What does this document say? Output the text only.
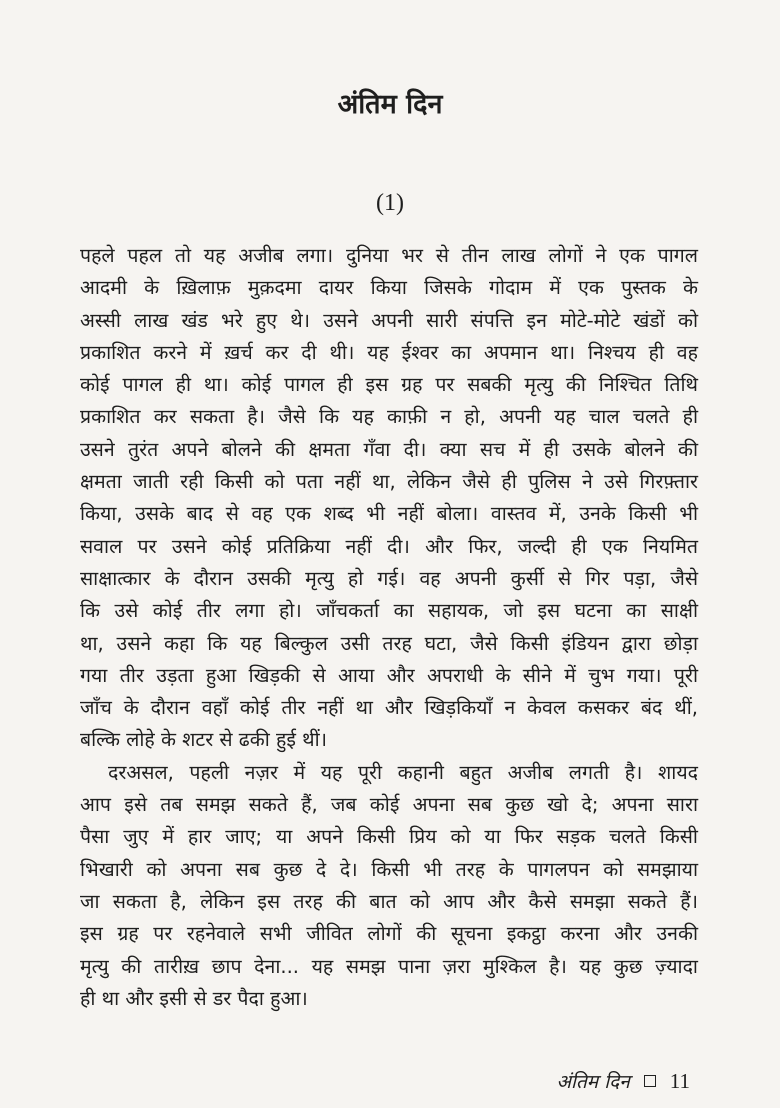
अंतिम दिन
(1)
पहले पहल तो यह अजीब लगा। दुनिया भर से तीन लाख लोगों ने एक पागल
आदमी के ख़िलाफ़ मुक़दमा दायर किया जिसके गोदाम में एक पुस्तक के
अस्सी लाख खंड भरे हुए थे। उसने अपनी सारी संपत्ति इन मोटे-मोटे खंडों को
प्रकाशित करने में ख़र्च कर दी थी। यह ईश्वर का अपमान था। निश्चय ही वह
कोई पागल ही था। कोई पागल ही इस ग्रह पर सबकी मृत्यु की निश्चित तिथि
प्रकाशित कर सकता है। जैसे कि यह काफ़ी न हो, अपनी यह चाल चलते ही
उसने तुरंत अपने बोलने की क्षमता गँवा दी। क्या सच में ही उसके बोलने की
क्षमता जाती रही किसी को पता नहीं था, लेकिन जैसे ही पुलिस ने उसे गिरफ़्तार
किया, उसके बाद से वह एक शब्द भी नहीं बोला। वास्तव में, उनके किसी भी
सवाल पर उसने कोई प्रतिक्रिया नहीं दी। और फिर, जल्दी ही एक नियमित
साक्षात्कार के दौरान उसकी मृत्यु हो गई। वह अपनी कुर्सी से गिर पड़ा, जैसे
कि उसे कोई तीर लगा हो। जाँचकर्ता का सहायक, जो इस घटना का साक्षी
था, उसने कहा कि यह बिल्कुल उसी तरह घटा, जैसे किसी इंडियन द्वारा छोड़ा
गया तीर उड़ता हुआ खिड़की से आया और अपराधी के सीने में चुभ गया। पूरी
जाँच के दौरान वहाँ कोई तीर नहीं था और खिड़कियाँ न केवल कसकर बंद थीं,
बल्कि लोहे के शटर से ढकी हुई थीं।
दरअसल, पहली नज़र में यह पूरी कहानी बहुत अजीब लगती है। शायद
आप इसे तब समझ सकते हैं, जब कोई अपना सब कुछ खो दे; अपना सारा
पैसा जुए में हार जाए; या अपने किसी प्रिय को या फिर सड़क चलते किसी
भिखारी को अपना सब कुछ दे दे। किसी भी तरह के पागलपन को समझाया
जा सकता है, लेकिन इस तरह की बात को आप और कैसे समझा सकते हैं।
इस ग्रह पर रहनेवाले सभी जीवित लोगों की सूचना इकट्ठा करना और उनकी
मृत्यु की तारीख़ छाप देना... यह समझ पाना ज़रा मुश्किल है। यह कुछ ज़्यादा
ही था और इसी से डर पैदा हुआ।
अंतिम दिन 11
